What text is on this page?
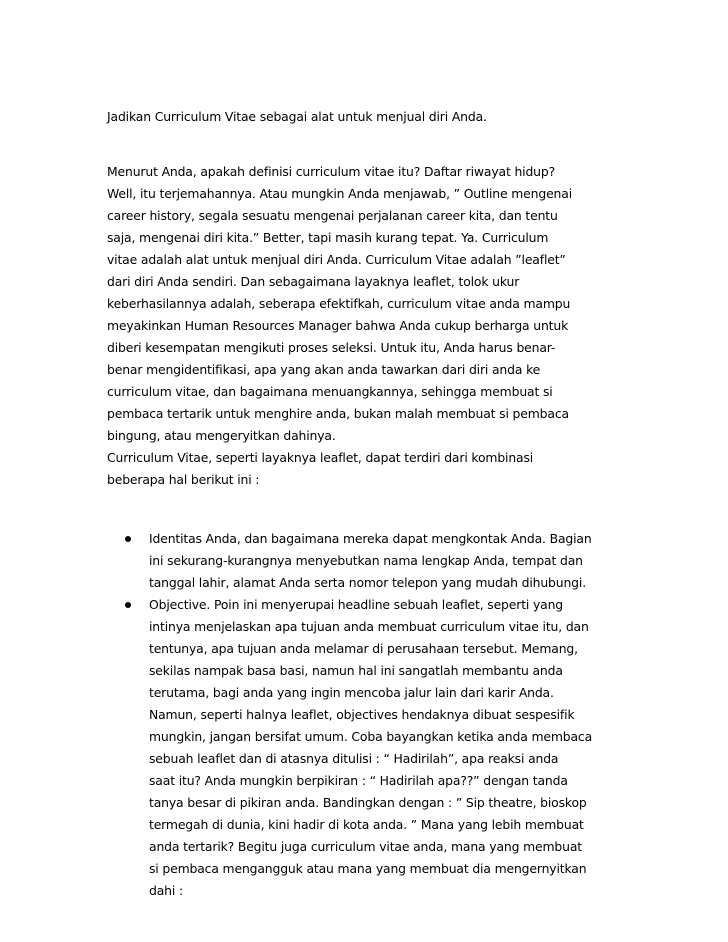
Jadikan Curriculum Vitae sebagai alat untuk menjual diri Anda.
Menurut Anda, apakah definisi curriculum vitae itu? Daftar riwayat hidup?
Well, itu terjemahannya. Atau mungkin Anda menjawab, ” Outline mengenai
career history, segala sesuatu mengenai perjalanan career kita, dan tentu
saja, mengenai diri kita.” Better, tapi masih kurang tepat. Ya. Curriculum
vitae adalah alat untuk menjual diri Anda. Curriculum Vitae adalah ”leaflet”
dari diri Anda sendiri. Dan sebagaimana layaknya leaflet, tolok ukur
keberhasilannya adalah, seberapa efektifkah, curriculum vitae anda mampu
meyakinkan Human Resources Manager bahwa Anda cukup berharga untuk
diberi kesempatan mengikuti proses seleksi. Untuk itu, Anda harus benar-
benar mengidentifikasi, apa yang akan anda tawarkan dari diri anda ke
curriculum vitae, dan bagaimana menuangkannya, sehingga membuat si
pembaca tertarik untuk menghire anda, bukan malah membuat si pembaca
bingung, atau mengeryitkan dahinya.
Curriculum Vitae, seperti layaknya leaflet, dapat terdiri dari kombinasi
beberapa hal berikut ini :
Identitas Anda, dan bagaimana mereka dapat mengkontak Anda. Bagian
ini sekurang-kurangnya menyebutkan nama lengkap Anda, tempat dan
tanggal lahir, alamat Anda serta nomor telepon yang mudah dihubungi.
Objective. Poin ini menyerupai headline sebuah leaflet, seperti yang
intinya menjelaskan apa tujuan anda membuat curriculum vitae itu, dan
tentunya, apa tujuan anda melamar di perusahaan tersebut. Memang,
sekilas nampak basa basi, namun hal ini sangatlah membantu anda
terutama, bagi anda yang ingin mencoba jalur lain dari karir Anda.
Namun, seperti halnya leaflet, objectives hendaknya dibuat sespesifik
mungkin, jangan bersifat umum. Coba bayangkan ketika anda membaca
sebuah leaflet dan di atasnya ditulisi : “ Hadirilah”, apa reaksi anda
saat itu? Anda mungkin berpikiran : “ Hadirilah apa??” dengan tanda
tanya besar di pikiran anda. Bandingkan dengan : ” Sip theatre, bioskop
termegah di dunia, kini hadir di kota anda. ” Mana yang lebih membuat
anda tertarik? Begitu juga curriculum vitae anda, mana yang membuat
si pembaca mengangguk atau mana yang membuat dia mengernyitkan
dahi :
